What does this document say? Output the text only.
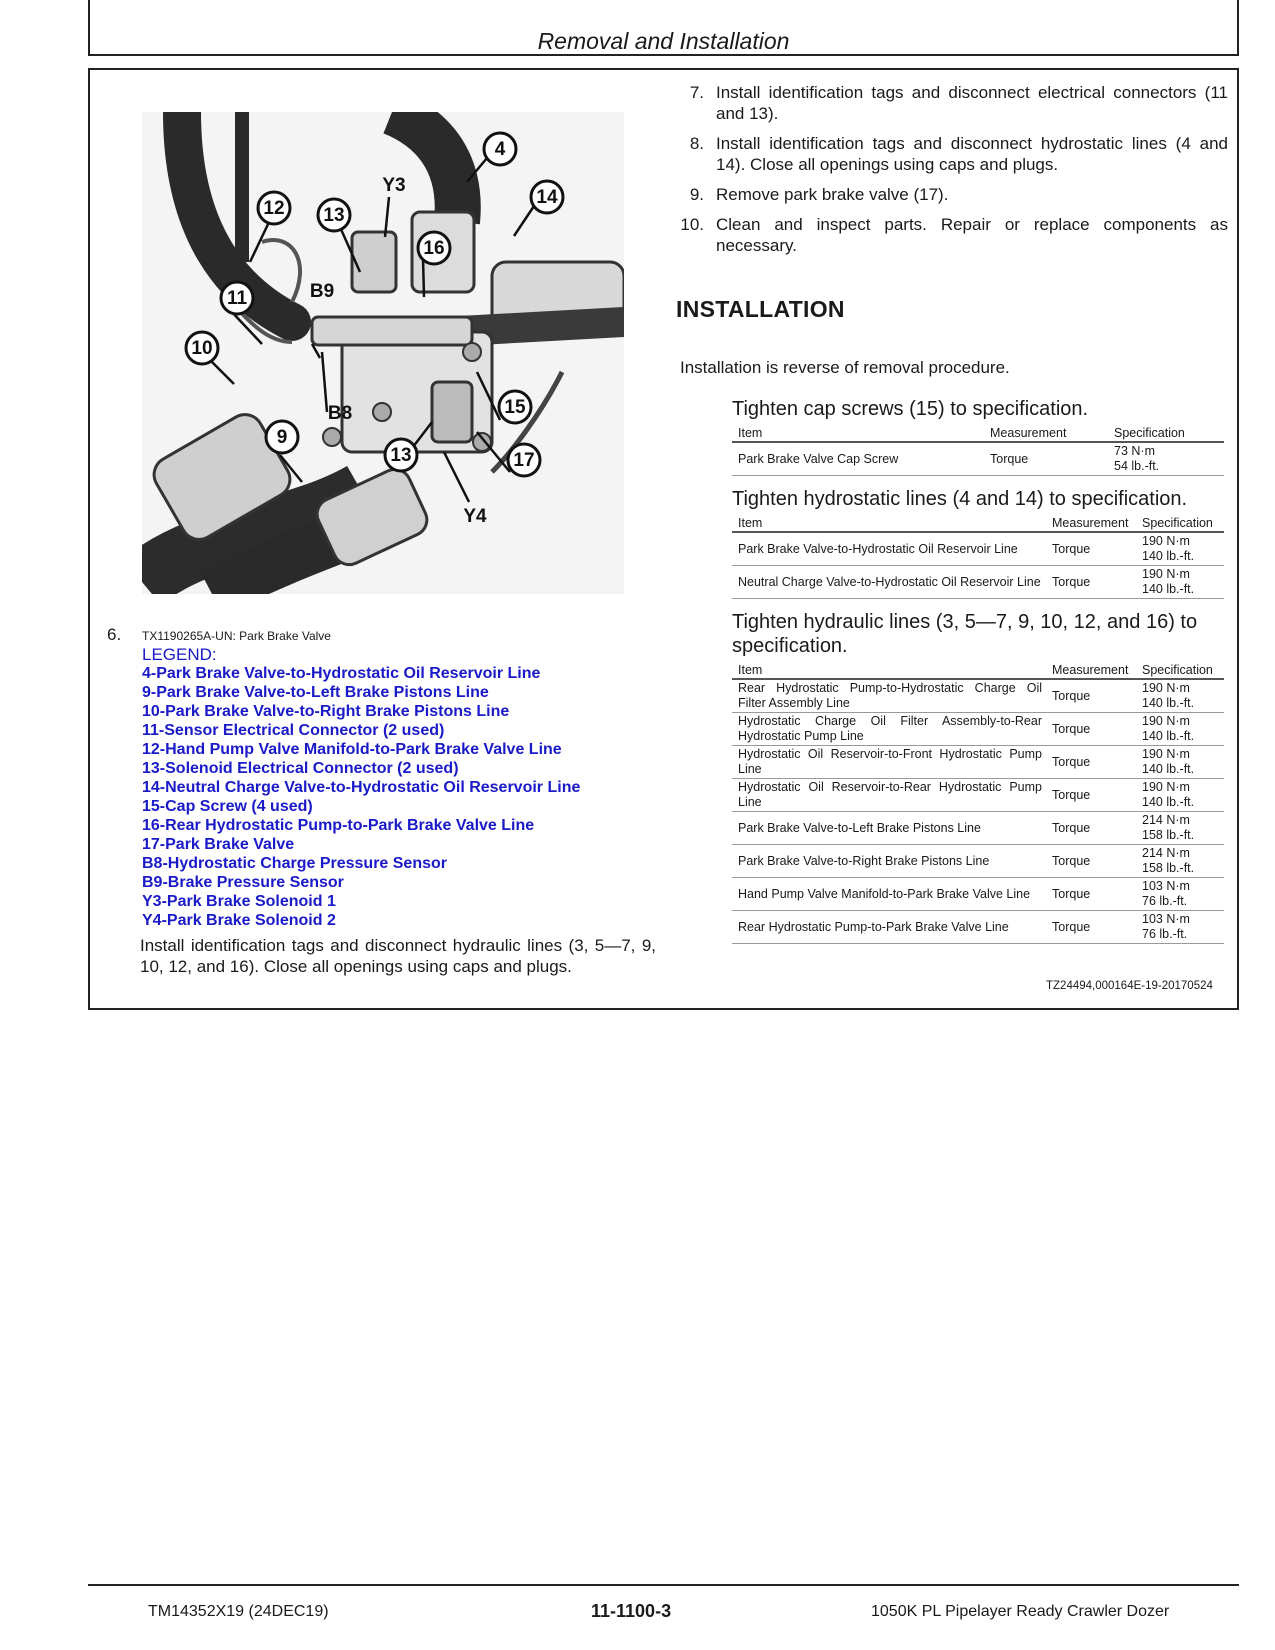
Removal and Installation
4
14
12 13
16
11
10
15
9
13	17
Y3
B9
B8
Y4
6. TX1190265A-UN: Park Brake Valve
LEGEND:
4-Park Brake Valve-to-Hydrostatic Oil Reservoir Line
9-Park Brake Valve-to-Left Brake Pistons Line
10-Park Brake Valve-to-Right Brake Pistons Line
11-Sensor Electrical Connector (2 used)
12-Hand Pump Valve Manifold-to-Park Brake Valve Line
13-Solenoid Electrical Connector (2 used)
14-Neutral Charge Valve-to-Hydrostatic Oil Reservoir Line
15-Cap Screw (4 used)
16-Rear Hydrostatic Pump-to-Park Brake Valve Line
17-Park Brake Valve
B8-Hydrostatic Charge Pressure Sensor
B9-Brake Pressure Sensor
Y3-Park Brake Solenoid 1
Y4-Park Brake Solenoid 2
Install identification tags and disconnect hydraulic lines (3, 5—7, 9, 10, 12, and 16). Close all openings using caps and plugs.
7. Install identification tags and disconnect electrical connectors (11 and 13).
8. Install identification tags and disconnect hydrostatic lines (4 and 14). Close all openings using caps and plugs.
9. Remove park brake valve (17).
10. Clean and inspect parts. Repair or replace components as necessary.
INSTALLATION
Installation is reverse of removal procedure.
Tighten cap screws (15) to specification.
Item	Measurement	Specification
Park Brake Valve Cap Screw	Torque	73 N·m
54 lb.-ft.
Tighten hydrostatic lines (4 and 14) to specification.
Item	Measurement	Specification
Park Brake Valve-to-Hydrostatic Oil Reservoir Line	Torque	190 N·m
140 lb.-ft.

Neutral Charge Valve-to-Hydrostatic Oil Reservoir Line	Torque	190 N·m
140 lb.-ft.
Tighten hydraulic lines (3, 5—7, 9, 10, 12, and 16) to specification.
Item	Measurement	Specification
Rear Hydrostatic Pump-to-Hydrostatic Charge Oil Filter Assembly Line	Torque	190 N·m
140 lb.-ft.

Hydrostatic Charge Oil Filter Assembly-to-Rear Hydrostatic Pump Line	Torque	190 N·m
140 lb.-ft.

Hydrostatic Oil Reservoir-to-Front Hydrostatic Pump Line	Torque	190 N·m
140 lb.-ft.

Hydrostatic Oil Reservoir-to-Rear Hydrostatic Pump Line	Torque	190 N·m
140 lb.-ft.

Park Brake Valve-to-Left Brake Pistons Line	Torque	214 N·m
158 lb.-ft.

Park Brake Valve-to-Right Brake Pistons Line	Torque	214 N·m
158 lb.-ft.

Hand Pump Valve Manifold-to-Park Brake Valve Line	Torque	103 N·m
76 lb.-ft.

Rear Hydrostatic Pump-to-Park Brake Valve Line	Torque	103 N·m
76 lb.-ft.
TZ24494,000164E-19-20170524
TM14352X19 (24DEC19)	11-1100-3	1050K PL Pipelayer Ready Crawler Dozer
